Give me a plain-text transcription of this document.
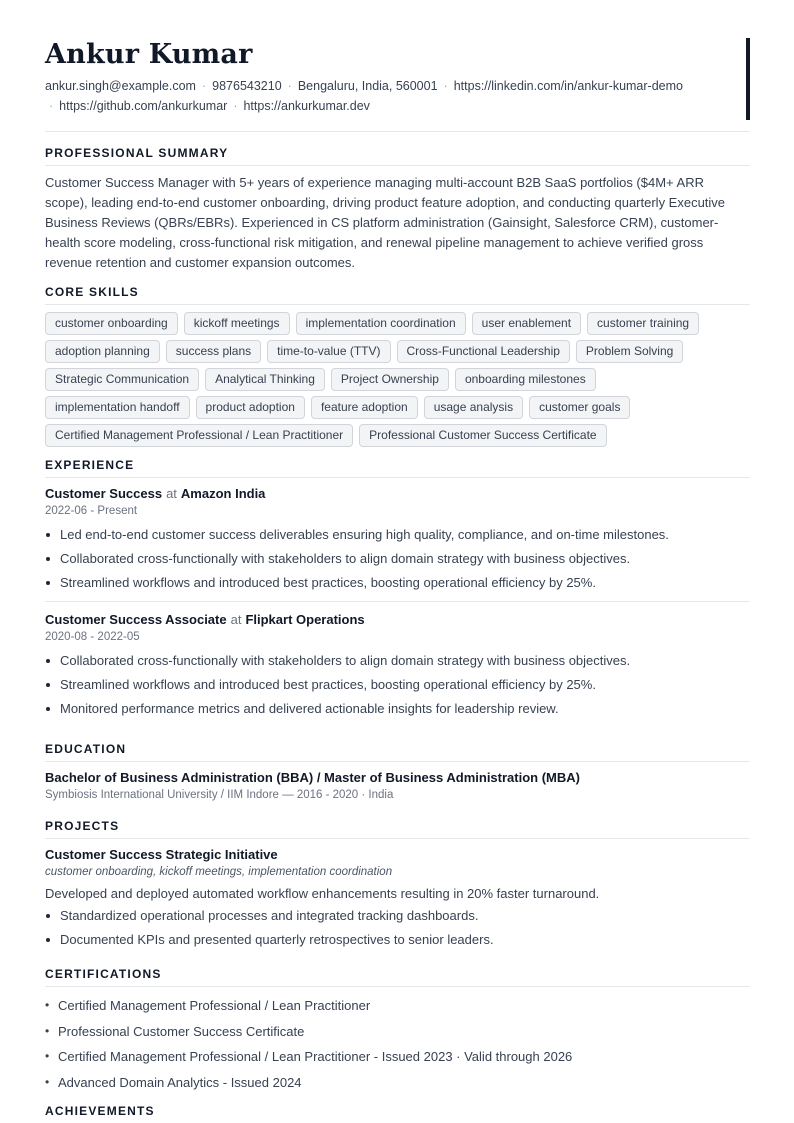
Ankur Kumar
ankur.singh@example.com · 9876543210 · Bengaluru, India, 560001 · https://linkedin.com/in/ankur-kumar-demo
· https://github.com/ankurkumar · https://ankurkumar.dev
PROFESSIONAL SUMMARY
Customer Success Manager with 5+ years of experience managing multi-account B2B SaaS portfolios ($4M+ ARR scope), leading end-to-end customer onboarding, driving product feature adoption, and conducting quarterly Executive Business Reviews (QBRs/EBRs). Experienced in CS platform administration (Gainsight, Salesforce CRM), customer-health score modeling, cross-functional risk mitigation, and renewal pipeline management to achieve verified gross revenue retention and customer expansion outcomes.
CORE SKILLS
customer onboarding	kickoff meetings	implementation coordination	user enablement	customer training
adoption planning	success plans	time-to-value (TTV)	Cross-Functional Leadership	Problem Solving
Strategic Communication	Analytical Thinking	Project Ownership	onboarding milestones
implementation handoff	product adoption	feature adoption	usage analysis	customer goals
Certified Management Professional / Lean Practitioner	Professional Customer Success Certificate
EXPERIENCE
Customer Success at Amazon India
2022-06 - Present
Led end-to-end customer success deliverables ensuring high quality, compliance, and on-time milestones.
Collaborated cross-functionally with stakeholders to align domain strategy with business objectives.
Streamlined workflows and introduced best practices, boosting operational efficiency by 25%.
Customer Success Associate at Flipkart Operations
2020-08 - 2022-05
Collaborated cross-functionally with stakeholders to align domain strategy with business objectives.
Streamlined workflows and introduced best practices, boosting operational efficiency by 25%.
Monitored performance metrics and delivered actionable insights for leadership review.
EDUCATION
Bachelor of Business Administration (BBA) / Master of Business Administration (MBA)
Symbiosis International University / IIM Indore — 2016 - 2020 · India
PROJECTS
Customer Success Strategic Initiative
customer onboarding, kickoff meetings, implementation coordination
Developed and deployed automated workflow enhancements resulting in 20% faster turnaround.
Standardized operational processes and integrated tracking dashboards.
Documented KPIs and presented quarterly retrospectives to senior leaders.
CERTIFICATIONS
• Certified Management Professional / Lean Practitioner
• Professional Customer Success Certificate
• Certified Management Professional / Lean Practitioner - Issued 2023 · Valid through 2026
• Advanced Domain Analytics - Issued 2024
ACHIEVEMENTS
